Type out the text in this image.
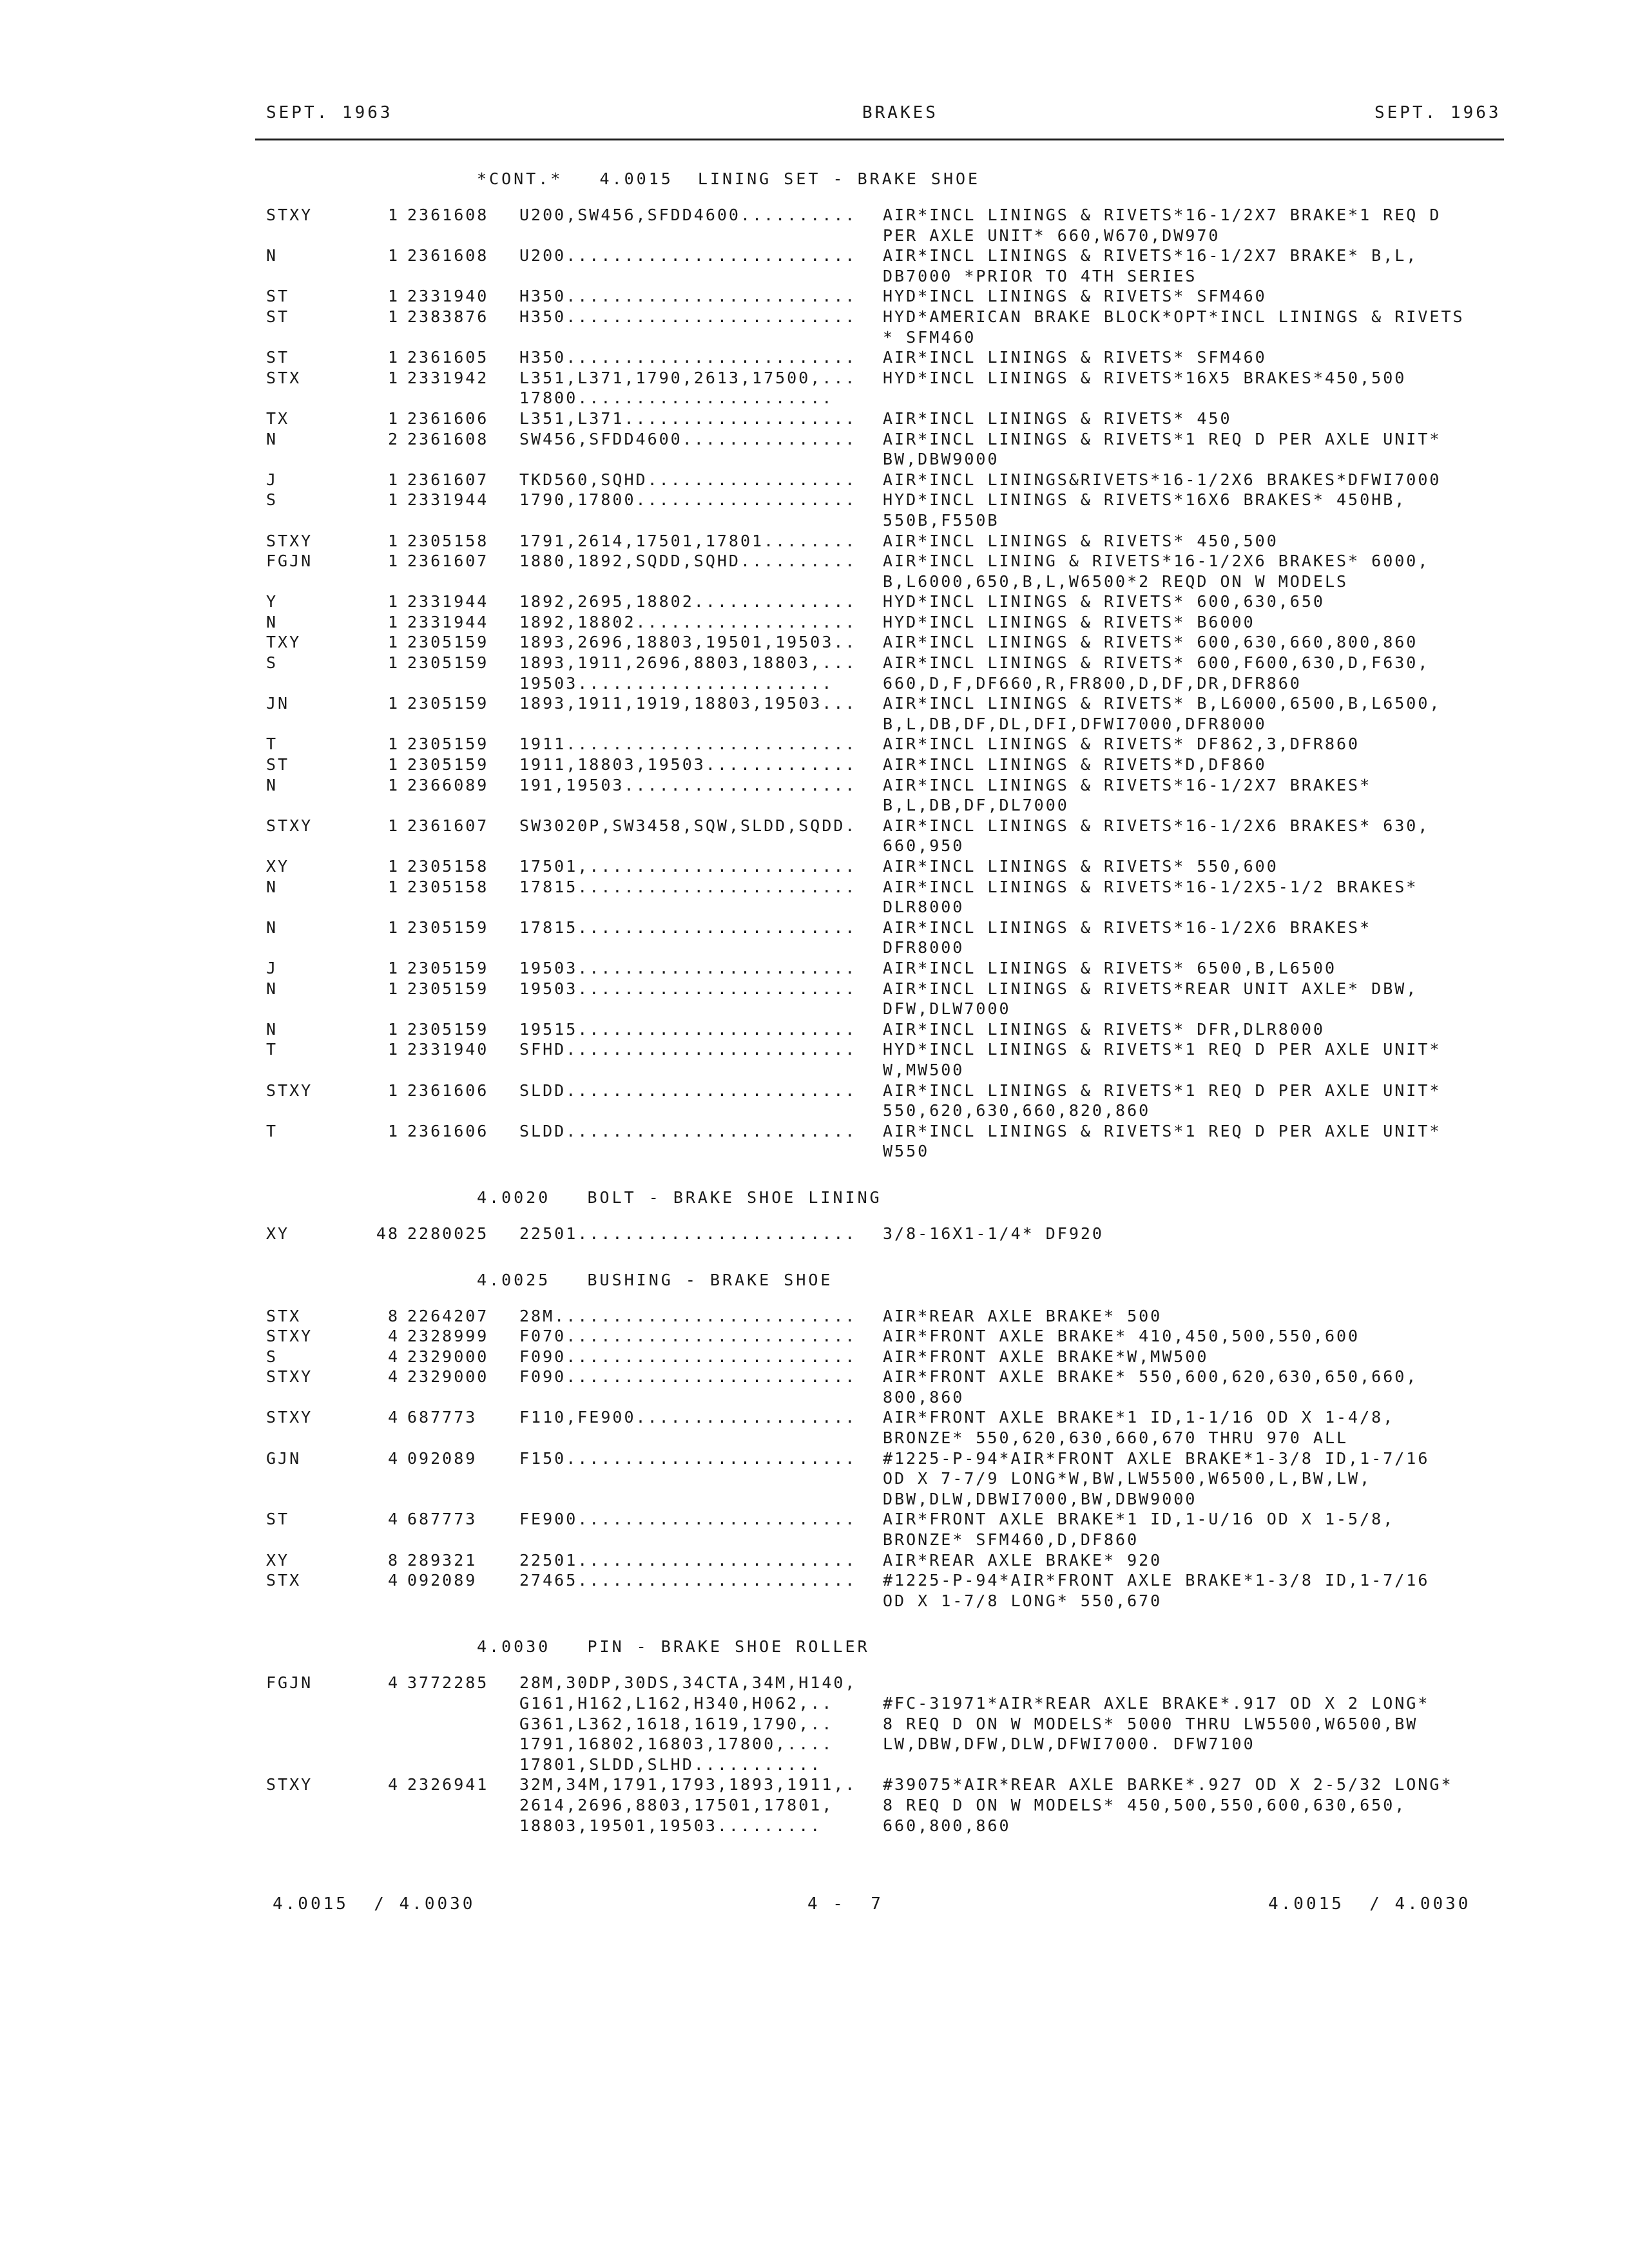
SEPT. 1963	BRAKES	SEPT. 1963
*CONT.*   4.0015  LINING SET - BRAKE SHOE
STXY	1 2361608 U200,SW456,SFDD4600.......... AIR*INCL LININGS & RIVETS*16-1/2X7 BRAKE*1 REQ D
PER AXLE UNIT* 660,W670,DW970
N	1 2361608 U200......................... AIR*INCL LININGS & RIVETS*16-1/2X7 BRAKE* B,L,
DB7000 *PRIOR TO 4TH SERIES
ST	1 2331940 H350......................... HYD*INCL LININGS & RIVETS* SFM460
ST	1 2383876 H350......................... HYD*AMERICAN BRAKE BLOCK*OPT*INCL LININGS & RIVETS
* SFM460
ST	1 2361605 H350......................... AIR*INCL LININGS & RIVETS* SFM460
STX	1 2331942 L351,L371,1790,2613,17500,... HYD*INCL LININGS & RIVETS*16X5 BRAKES*450,500
17800......................
TX	1 2361606 L351,L371.................... AIR*INCL LININGS & RIVETS* 450
N	2 2361608 SW456,SFDD4600............... AIR*INCL LININGS & RIVETS*1 REQ D PER AXLE UNIT*
BW,DBW9000
J	1 2361607 TKD560,SQHD.................. AIR*INCL LININGS&RIVETS*16-1/2X6 BRAKES*DFWI7000
S	1 2331944 1790,17800................... HYD*INCL LININGS & RIVETS*16X6 BRAKES* 450HB,
550B,F550B
STXY	1 2305158 1791,2614,17501,17801........ AIR*INCL LININGS & RIVETS* 450,500
FGJN	1 2361607 1880,1892,SQDD,SQHD.......... AIR*INCL LINING & RIVETS*16-1/2X6 BRAKES* 6000,
B,L6000,650,B,L,W6500*2 REQD ON W MODELS
Y	1 2331944 1892,2695,18802.............. HYD*INCL LININGS & RIVETS* 600,630,650
N	1 2331944 1892,18802................... HYD*INCL LININGS & RIVETS* B6000
TXY	1 2305159 1893,2696,18803,19501,19503.. AIR*INCL LININGS & RIVETS* 600,630,660,800,860
S	1 2305159 1893,1911,2696,8803,18803,... AIR*INCL LININGS & RIVETS* 600,F600,630,D,F630,
19503......................	660,D,F,DF660,R,FR800,D,DF,DR,DFR860
JN	1 2305159 1893,1911,1919,18803,19503... AIR*INCL LININGS & RIVETS* B,L6000,6500,B,L6500,
B,L,DB,DF,DL,DFI,DFWI7000,DFR8000
T	1 2305159 1911......................... AIR*INCL LININGS & RIVETS* DF862,3,DFR860
ST	1 2305159 1911,18803,19503............. AIR*INCL LININGS & RIVETS*D,DF860
N	1 2366089 191,19503.................... AIR*INCL LININGS & RIVETS*16-1/2X7 BRAKES*
B,L,DB,DF,DL7000
STXY	1 2361607 SW3020P,SW3458,SQW,SLDD,SQDD. AIR*INCL LININGS & RIVETS*16-1/2X6 BRAKES* 630,
660,950
XY	1 2305158 17501,....................... AIR*INCL LININGS & RIVETS* 550,600
N	1 2305158 17815........................ AIR*INCL LININGS & RIVETS*16-1/2X5-1/2 BRAKES*
DLR8000
N	1 2305159 17815........................ AIR*INCL LININGS & RIVETS*16-1/2X6 BRAKES*
DFR8000
J	1 2305159 19503........................ AIR*INCL LININGS & RIVETS* 6500,B,L6500
N	1 2305159 19503........................ AIR*INCL LININGS & RIVETS*REAR UNIT AXLE* DBW,
DFW,DLW7000
N	1 2305159 19515........................ AIR*INCL LININGS & RIVETS* DFR,DLR8000
T	1 2331940 SFHD......................... HYD*INCL LININGS & RIVETS*1 REQ D PER AXLE UNIT*
W,MW500
STXY	1 2361606 SLDD......................... AIR*INCL LININGS & RIVETS*1 REQ D PER AXLE UNIT*
550,620,630,660,820,860
T	1 2361606 SLDD......................... AIR*INCL LININGS & RIVETS*1 REQ D PER AXLE UNIT*
W550
4.0020   BOLT - BRAKE SHOE LINING
XY	48 2280025 22501........................ 3/8-16X1-1/4* DF920
4.0025   BUSHING - BRAKE SHOE
STX	8 2264207 28M.......................... AIR*REAR AXLE BRAKE* 500
STXY	4 2328999 F070......................... AIR*FRONT AXLE BRAKE* 410,450,500,550,600
S	4 2329000 F090......................... AIR*FRONT AXLE BRAKE*W,MW500
STXY	4 2329000 F090......................... AIR*FRONT AXLE BRAKE* 550,600,620,630,650,660,
800,860
STXY	4 687773	F110,FE900................... AIR*FRONT AXLE BRAKE*1 ID,1-1/16 OD X 1-4/8,
BRONZE* 550,620,630,660,670 THRU 970 ALL
GJN	4 092089	F150......................... #1225-P-94*AIR*FRONT AXLE BRAKE*1-3/8 ID,1-7/16
OD X 7-7/9 LONG*W,BW,LW5500,W6500,L,BW,LW,
DBW,DLW,DBWI7000,BW,DBW9000
ST	4 687773	FE900........................ AIR*FRONT AXLE BRAKE*1 ID,1-U/16 OD X 1-5/8,
BRONZE* SFM460,D,DF860
XY	8 289321	22501........................ AIR*REAR AXLE BRAKE* 920
STX	4 092089	27465........................ #1225-P-94*AIR*FRONT AXLE BRAKE*1-3/8 ID,1-7/16
OD X 1-7/8 LONG* 550,670
4.0030   PIN - BRAKE SHOE ROLLER
FGJN	4 3772285 28M,30DP,30DS,34CTA,34M,H140,
G161,H162,L162,H340,H062,..	#FC-31971*AIR*REAR AXLE BRAKE*.917 OD X 2 LONG*
G361,L362,1618,1619,1790,..	8 REQ D ON W MODELS* 5000 THRU LW5500,W6500,BW
1791,16802,16803,17800,....	LW,DBW,DFW,DLW,DFWI7000. DFW7100
17801,SLDD,SLHD...........
STXY	4 2326941 32M,34M,1791,1793,1893,1911,. #39075*AIR*REAR AXLE BARKE*.927 OD X 2-5/32 LONG*
2614,2696,8803,17501,17801,	8 REQ D ON W MODELS* 450,500,550,600,630,650,
18803,19501,19503.........	660,800,860
4.0015  / 4.0030	4 -  7	4.0015  / 4.0030
